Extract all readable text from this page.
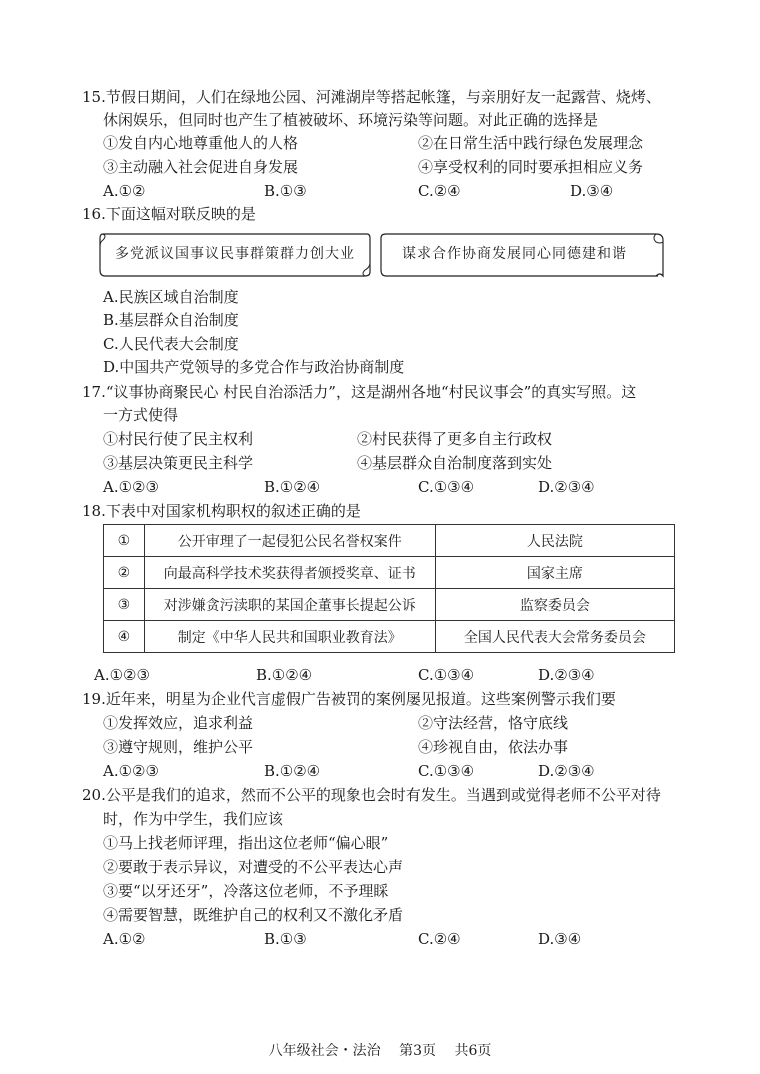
15.节假日期间，人们在绿地公园、河滩湖岸等搭起帐篷，与亲朋好友一起露营、烧烤、
休闲娱乐，但同时也产生了植被破坏、环境污染等问题。对此正确的选择是
①发自内心地尊重他人的人格	②在日常生活中践行绿色发展理念
③主动融入社会促进自身发展	④享受权利的同时要承担相应义务
A.①②	B.①③	C.②④	D.③④
16.下面这幅对联反映的是
多党派议国事议民事群策群力创大业	谋求合作协商发展同心同德建和谐
A.民族区域自治制度
B.基层群众自治制度
C.人民代表大会制度
D.中国共产党领导的多党合作与政治协商制度
17.“议事协商聚民心 村民自治添活力”，这是湖州各地“村民议事会”的真实写照。这
一方式使得
①村民行使了民主权利	②村民获得了更多自主行政权
③基层决策更民主科学	④基层群众自治制度落到实处
A.①②③	B.①②④	C.①③④	D.②③④
18.下表中对国家机构职权的叙述正确的是
①	公开审理了一起侵犯公民名誉权案件	人民法院
②	向最高科学技术奖获得者颁授奖章、证书	国家主席
③	对涉嫌贪污渎职的某国企董事长提起公诉	监察委员会
④	制定《中华人民共和国职业教育法》	全国人民代表大会常务委员会
A.①②③	B.①②④	C.①③④	D.②③④
19.近年来，明星为企业代言虚假广告被罚的案例屡见报道。这些案例警示我们要
①发挥效应，追求利益	②守法经营，恪守底线
③遵守规则，维护公平	④珍视自由，依法办事
A.①②③	B.①②④	C.①③④	D.②③④
20.公平是我们的追求，然而不公平的现象也会时有发生。当遇到或觉得老师不公平对待
时，作为中学生，我们应该
①马上找老师评理，指出这位老师“偏心眼”
②要敢于表示异议，对遭受的不公平表达心声
③要“以牙还牙”，冷落这位老师，不予理睬
④需要智慧，既维护自己的权利又不激化矛盾
A.①②	B.①③	C.②④	D.③④
八年级社会・法治 第3页 共6页
